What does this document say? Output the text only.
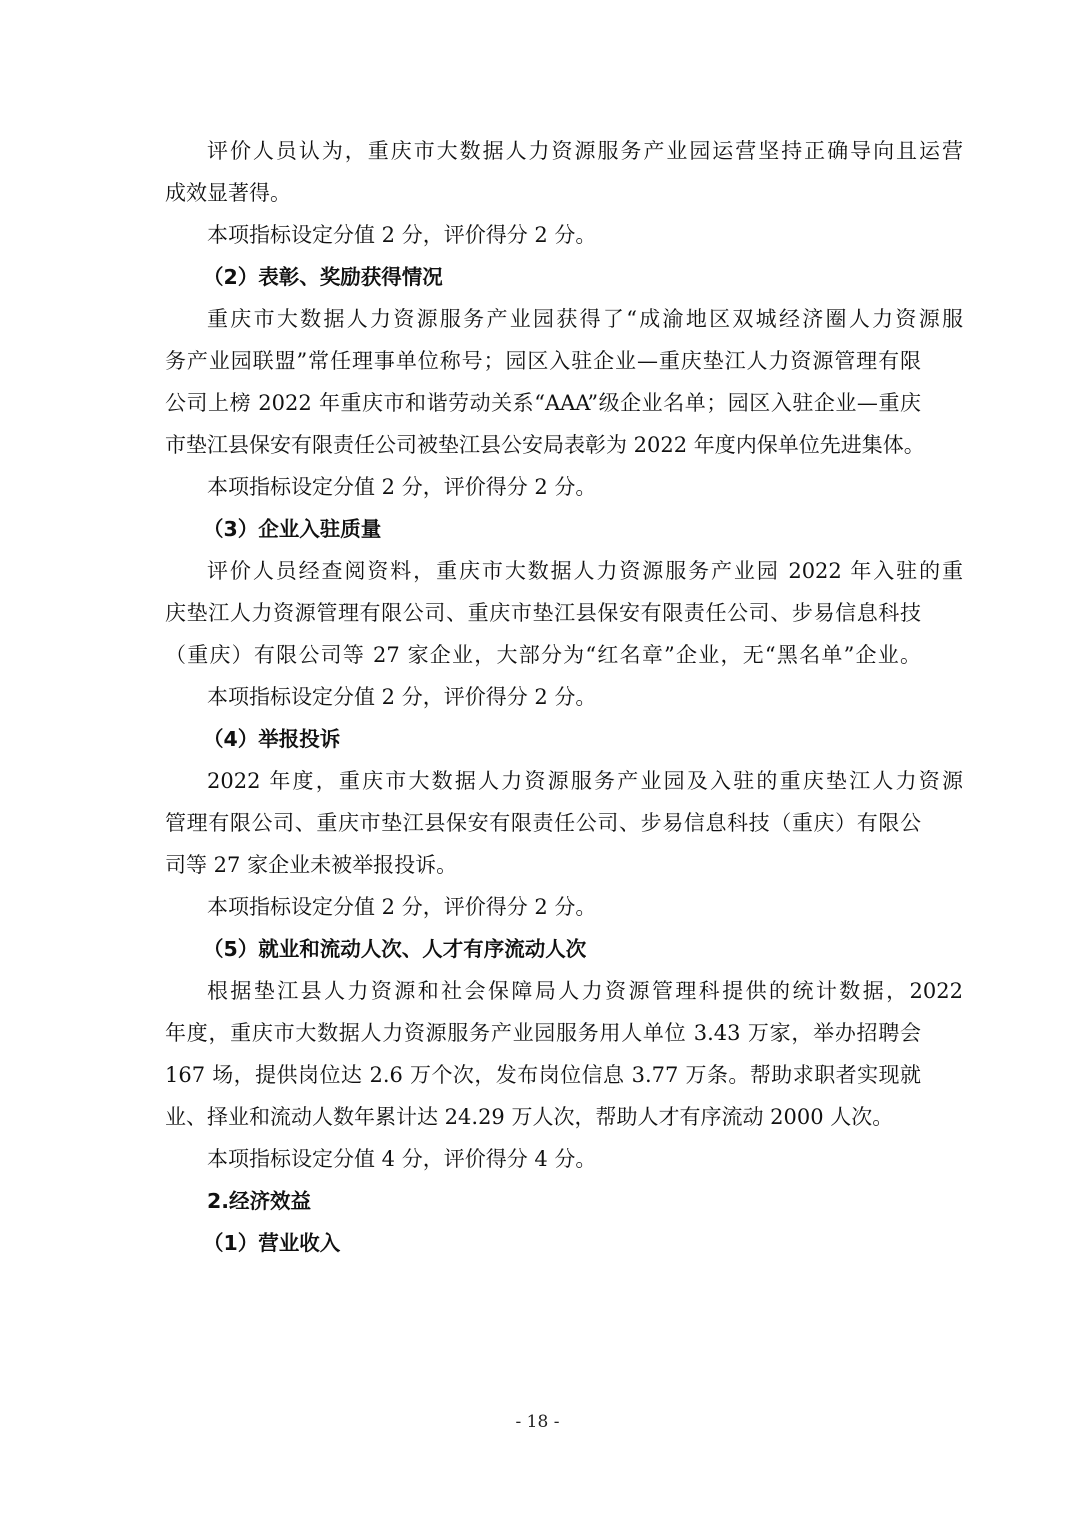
评价人员认为，重庆市大数据人力资源服务产业园运营坚持正确导向且运营
成效显著得。
本项指标设定分值 2 分，评价得分 2 分。
（2）表彰、奖励获得情况
重庆市大数据人力资源服务产业园获得了“成渝地区双城经济圈人力资源服
务产业园联盟”常任理事单位称号；园区入驻企业—重庆垫江人力资源管理有限
公司上榜 2022 年重庆市和谐劳动关系“AAA”级企业名单；园区入驻企业—重庆
市垫江县保安有限责任公司被垫江县公安局表彰为 2022 年度内保单位先进集体。
本项指标设定分值 2 分，评价得分 2 分。
（3）企业入驻质量
评价人员经查阅资料，重庆市大数据人力资源服务产业园 2022 年入驻的重
庆垫江人力资源管理有限公司、重庆市垫江县保安有限责任公司、步易信息科技
（重庆）有限公司等 27 家企业，大部分为“红名章”企业，无“黑名单”企业。
本项指标设定分值 2 分，评价得分 2 分。
（4）举报投诉
2022 年度，重庆市大数据人力资源服务产业园及入驻的重庆垫江人力资源
管理有限公司、重庆市垫江县保安有限责任公司、步易信息科技（重庆）有限公
司等 27 家企业未被举报投诉。
本项指标设定分值 2 分，评价得分 2 分。
（5）就业和流动人次、人才有序流动人次
根据垫江县人力资源和社会保障局人力资源管理科提供的统计数据，2022
年度，重庆市大数据人力资源服务产业园服务用人单位 3.43 万家，举办招聘会
167 场，提供岗位达 2.6 万个次，发布岗位信息 3.77 万条。帮助求职者实现就
业、择业和流动人数年累计达 24.29 万人次，帮助人才有序流动 2000 人次。
本项指标设定分值 4 分，评价得分 4 分。
2.经济效益
（1）营业收入
- 18 -
